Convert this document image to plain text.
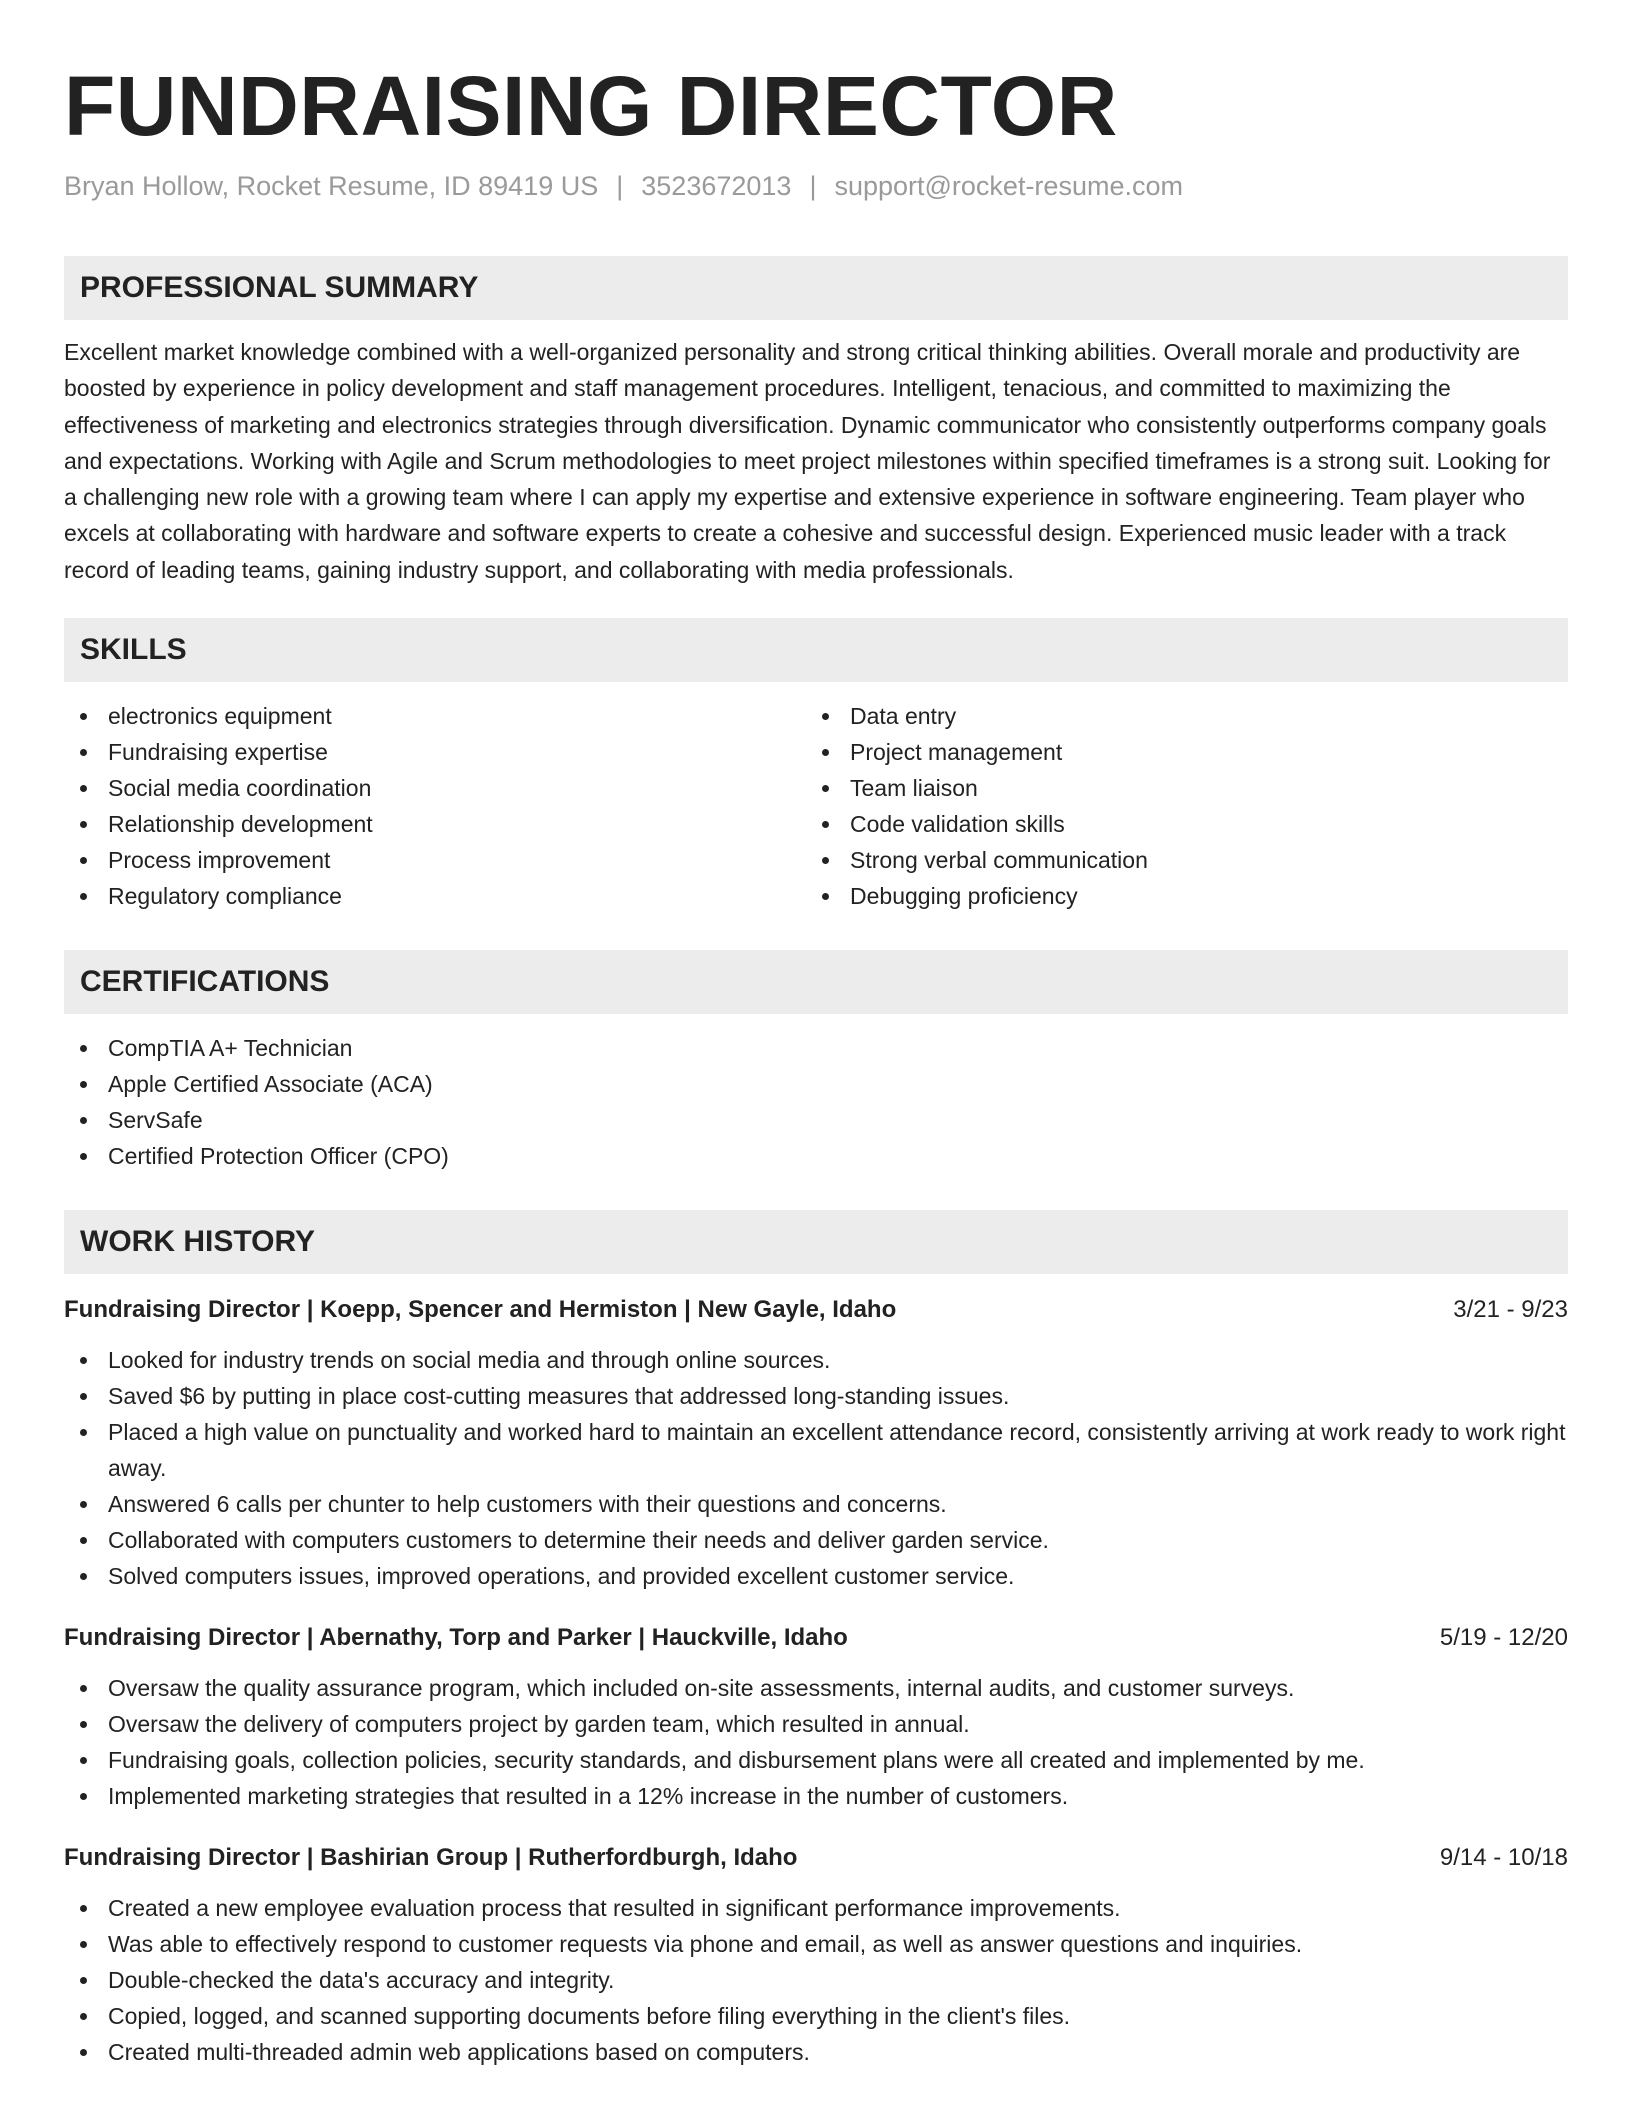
FUNDRAISING DIRECTOR
Bryan Hollow, Rocket Resume, ID 89419 US | 3523672013 | support@rocket-resume.com
PROFESSIONAL SUMMARY

Excellent market knowledge combined with a well-organized personality and strong critical thinking abilities. Overall morale and productivity are boosted by experience in policy development and staff management procedures. Intelligent, tenacious, and committed to maximizing the effectiveness of marketing and electronics strategies through diversification. Dynamic communicator who consistently outperforms company goals and expectations. Working with Agile and Scrum methodologies to meet project milestones within specified timeframes is a strong suit. Looking for a challenging new role with a growing team where I can apply my expertise and extensive experience in software engineering. Team player who excels at collaborating with hardware and software experts to create a cohesive and successful design. Experienced music leader with a track record of leading teams, gaining industry support, and collaborating with media professionals.

SKILLS
electronics equipment
Fundraising expertise
Social media coordination
Relationship development
Process improvement
Regulatory compliance
Data entry
Project management
Team liaison
Code validation skills
Strong verbal communication
Debugging proficiency
CERTIFICATIONS
CompTIA A+ Technician
Apple Certified Associate (ACA)
ServSafe
Certified Protection Officer (CPO)
WORK HISTORY
Fundraising Director | Koepp, Spencer and Hermiston | New Gayle, Idaho	3/21 - 9/23
Looked for industry trends on social media and through online sources.
Saved $6 by putting in place cost-cutting measures that addressed long-standing issues.
Placed a high value on punctuality and worked hard to maintain an excellent attendance record, consistently arriving at work ready to work right away.
Answered 6 calls per chunter to help customers with their questions and concerns.
Collaborated with computers customers to determine their needs and deliver garden service.
Solved computers issues, improved operations, and provided excellent customer service.
Fundraising Director | Abernathy, Torp and Parker | Hauckville, Idaho	5/19 - 12/20
Oversaw the quality assurance program, which included on-site assessments, internal audits, and customer surveys.
Oversaw the delivery of computers project by garden team, which resulted in annual.
Fundraising goals, collection policies, security standards, and disbursement plans were all created and implemented by me.
Implemented marketing strategies that resulted in a 12% increase in the number of customers.
Fundraising Director | Bashirian Group | Rutherfordburgh, Idaho	9/14 - 10/18
Created a new employee evaluation process that resulted in significant performance improvements.
Was able to effectively respond to customer requests via phone and email, as well as answer questions and inquiries.
Double-checked the data's accuracy and integrity.
Copied, logged, and scanned supporting documents before filing everything in the client's files.
Created multi-threaded admin web applications based on computers.
